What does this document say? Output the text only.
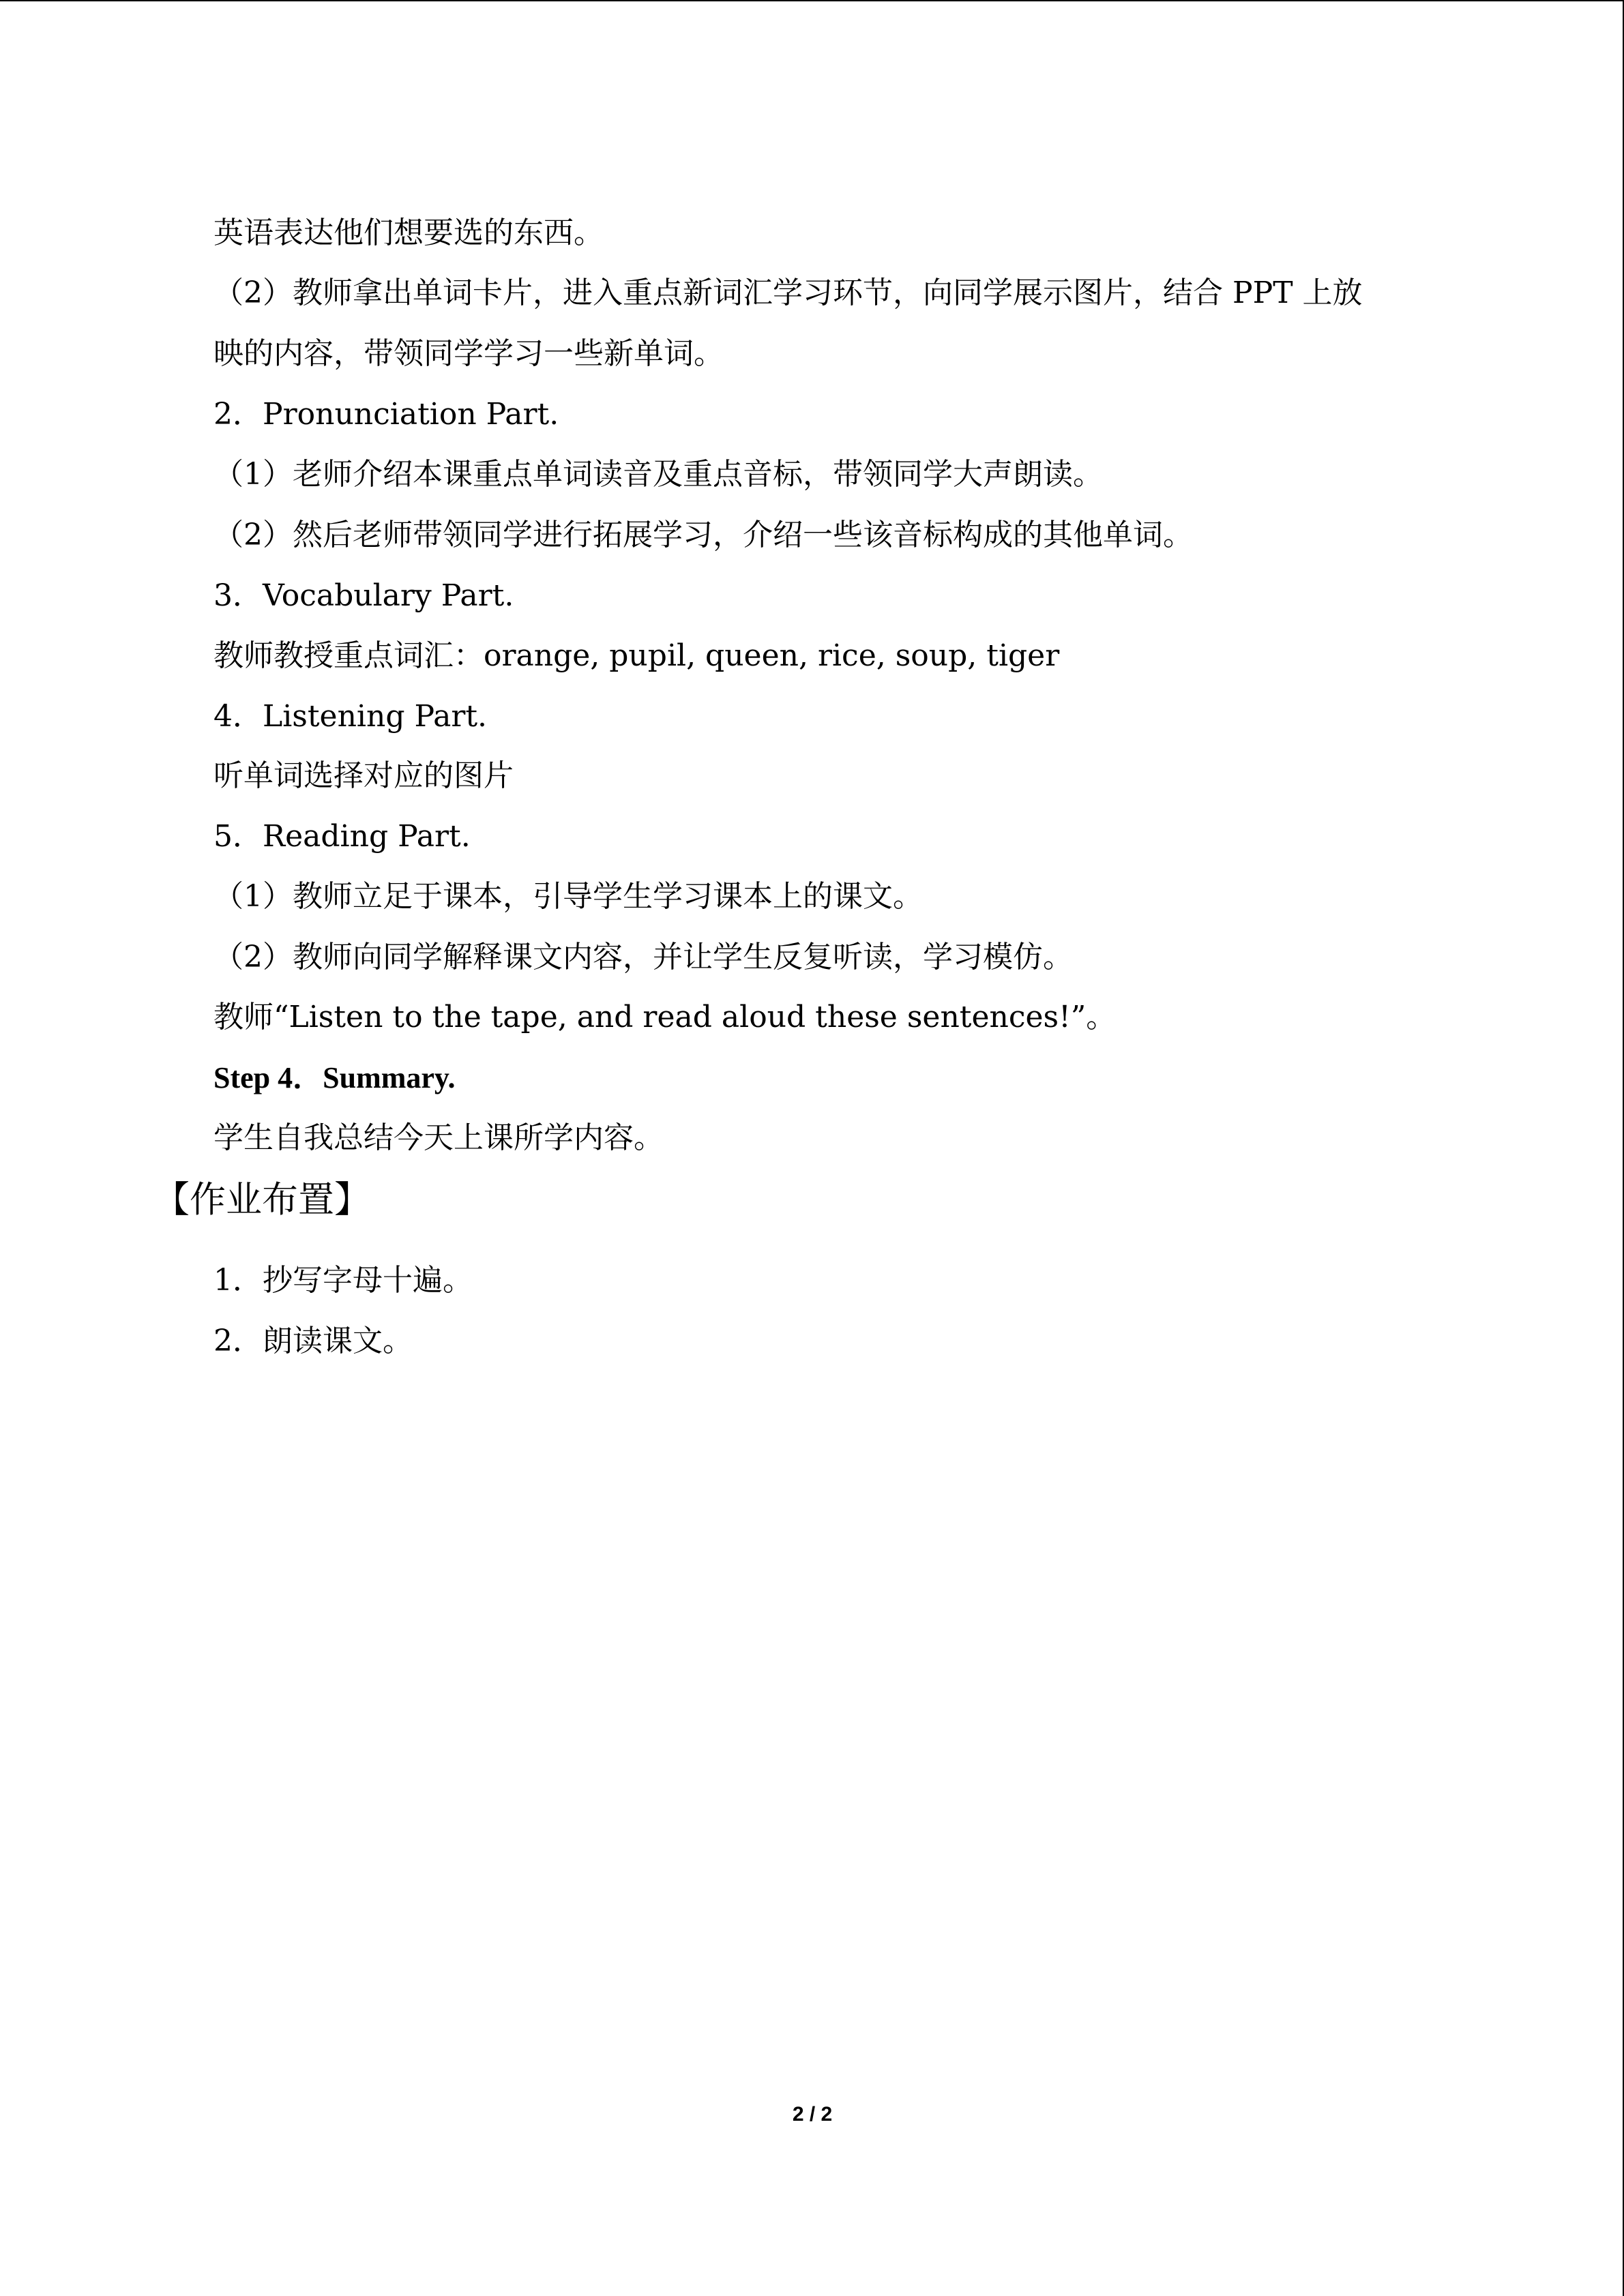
英语表达他们想要选的东西。
（2）教师拿出单词卡片，进入重点新词汇学习环节，向同学展示图片，结合 PPT 上放
映的内容，带领同学学习一些新单词。
2．Pronunciation Part.
（1）老师介绍本课重点单词读音及重点音标，带领同学大声朗读。
（2）然后老师带领同学进行拓展学习，介绍一些该音标构成的其他单词。
3．Vocabulary Part.
教师教授重点词汇：orange, pupil, queen, rice, soup, tiger
4．Listening Part.
听单词选择对应的图片
5．Reading Part.
（1）教师立足于课本，引导学生学习课本上的课文。
（2）教师向同学解释课文内容，并让学生反复听读，学习模仿。
教师“Listen to the tape, and read aloud these sentences!”。
Step 4．Summary.
学生自我总结今天上课所学内容。
【作业布置】
1．抄写字母十遍。
2．朗读课文。
2 / 2
